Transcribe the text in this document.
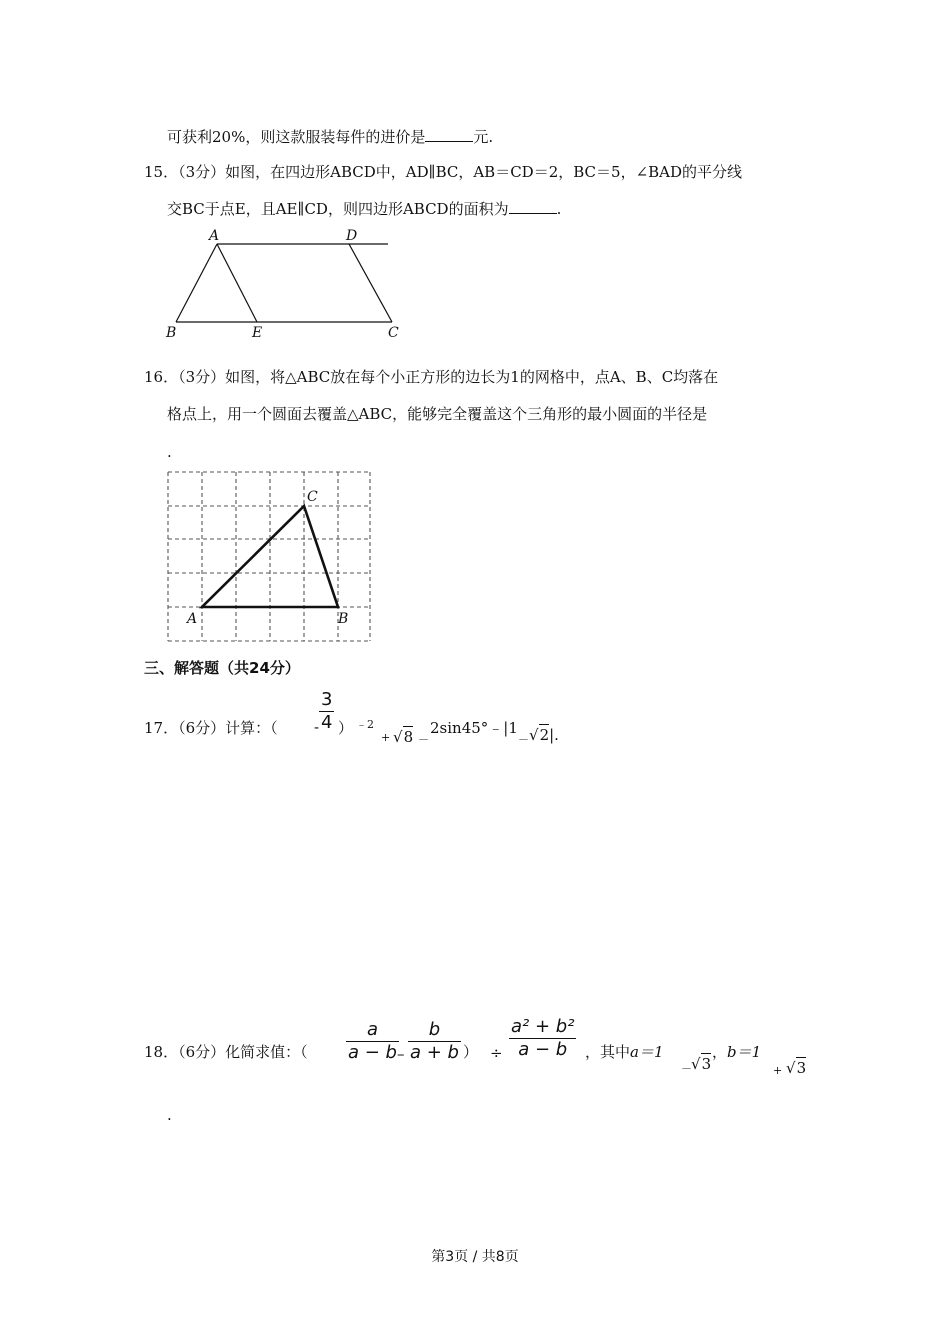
可获利20%，则这款服装每件的进价是	元.
15．（3分）如图，在四边形ABCD中，AD∥BC，AB＝CD＝2，BC＝5，∠BAD的平分线
交BC于点E，且AE∥CD，则四边形ABCD的面积为	.
A	D
B	E	C
16．（3分）如图，将△ABC放在每个小正方形的边长为1的网格中，点A、B、C均落在
格点上，用一个圆面去覆盖△ABC，能够完全覆盖这个三角形的最小圆面的半径是
.
A	B
C
三、解答题（共24分）
17．（6分）计算：（ - $\frac{3}{4}$ ） ﹣2
+ √8 －
2sin45°﹣|1
－ √2|.
18．（6分）化简求值：（ $\frac{a}{a - b}$
– $\frac{b}{a + b}$ ） ÷ $\frac{\text{a² + b²}}{a - b}$ ，其中a＝1
－ √3
，b＝1
+ √3
.
第3页 / 共8页
